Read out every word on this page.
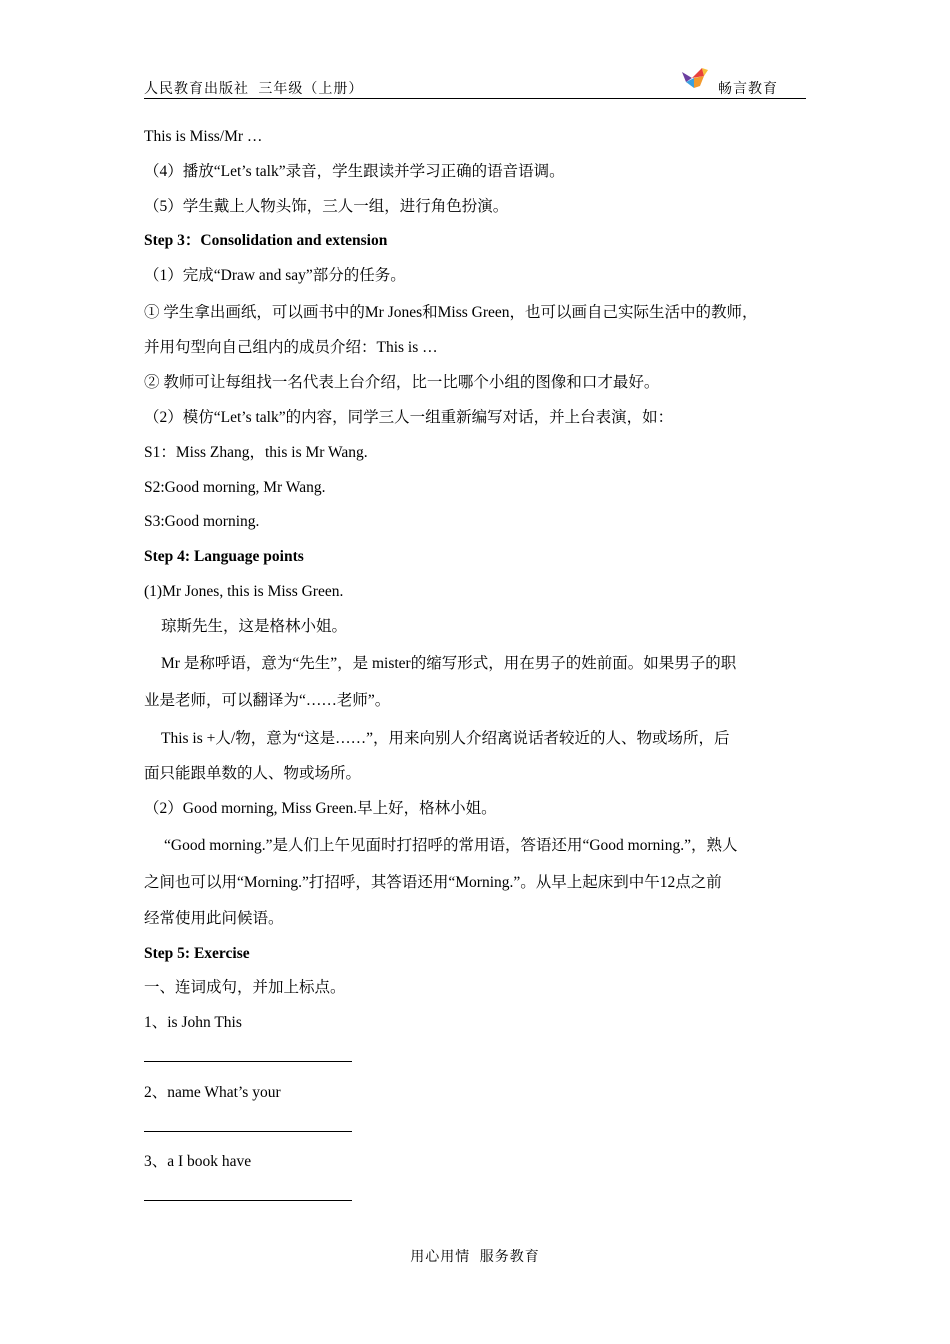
人民教育出版社 三年级（上册）	畅言教育
This is Miss/Mr …
（4）播放“Let’s talk”录音，学生跟读并学习正确的语音语调。
（5）学生戴上人物头饰，三人一组，进行角色扮演。
Step 3：Consolidation and extension
（1）完成“Draw and say”部分的任务。
① 学生拿出画纸，可以画书中的Mr Jones和Miss Green，也可以画自己实际生活中的教师，
并用句型向自己组内的成员介绍：This is …
② 教师可让每组找一名代表上台介绍，比一比哪个小组的图像和口才最好。
（2）模仿“Let’s talk”的内容，同学三人一组重新编写对话，并上台表演，如：
S1：Miss Zhang，this is Mr Wang.
S2:Good morning, Mr Wang.
S3:Good morning.
Step 4: Language points
(1)Mr Jones, this is Miss Green.
琼斯先生，这是格林小姐。
Mr 是称呼语，意为“先生”，是 mister的缩写形式，用在男子的姓前面。如果男子的职
业是老师，可以翻译为“……老师”。
This is +人/物，意为“这是……”，用来向别人介绍离说话者较近的人、物或场所，后
面只能跟单数的人、物或场所。
（2）Good morning, Miss Green.早上好，格林小姐。
“Good morning.”是人们上午见面时打招呼的常用语，答语还用“Good morning.”，熟人
之间也可以用“Morning.”打招呼，其答语还用“Morning.”。从早上起床到中午12点之前
经常使用此问候语。
Step 5: Exercise
一、连词成句，并加上标点。
1、is John This
2、name What’s your
3、a I book have
用心用情 服务教育
